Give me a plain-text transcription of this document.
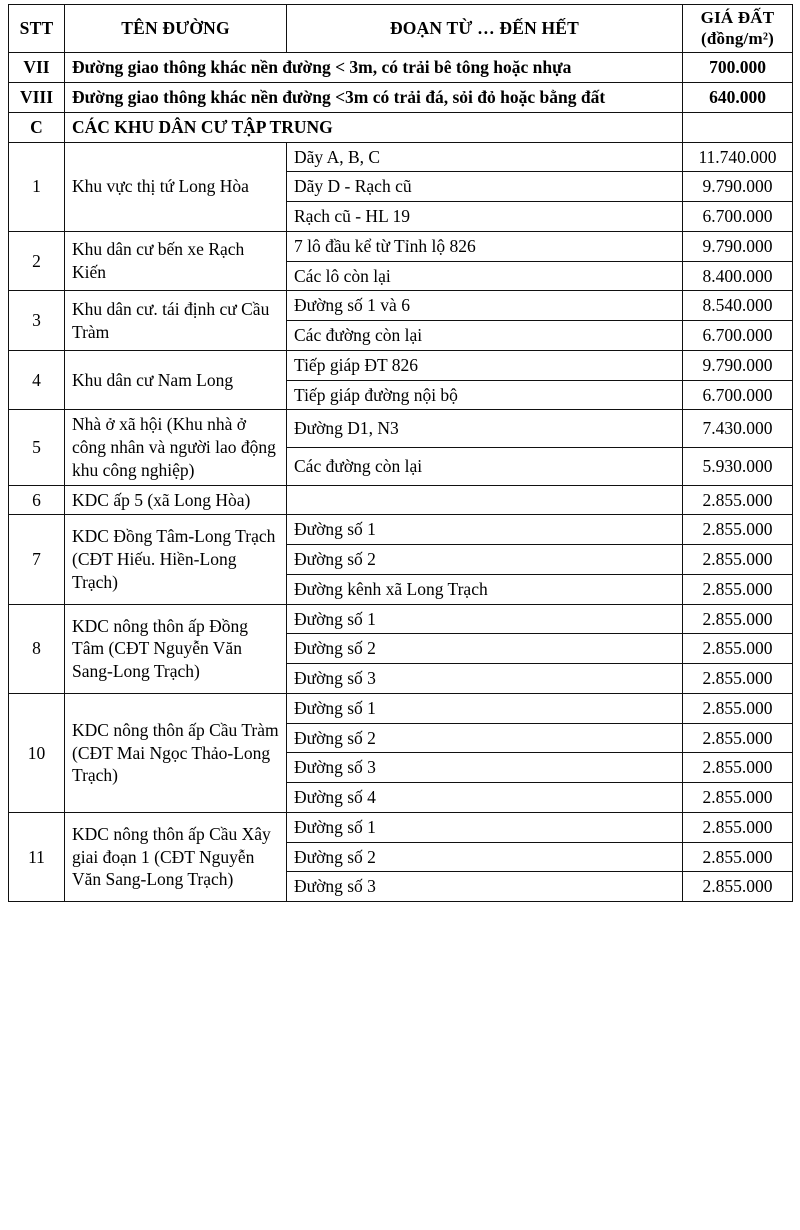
STT	TÊN ĐƯỜNG	ĐOẠN TỪ … ĐẾN HẾT	GIÁ ĐẤT
(đồng/m²)

VII	Đường giao thông khác nền đường < 3m, có trải bê tông hoặc nhựa		700.000
VIII	Đường giao thông khác nền đường <3m có trải đá, sỏi đỏ hoặc bằng đất		640.000
C	CÁC KHU DÂN CƯ TẬP TRUNG		
1	Khu vực thị tứ Long Hòa	Dãy A, B, C	11.740.000
		Dãy D - Rạch cũ	9.790.000
		Rạch cũ - HL 19	6.700.000
2	Khu dân cư bến xe Rạch Kiến	7 lô đầu kể từ Tỉnh lộ 826	9.790.000
		Các lô còn lại	8.400.000
3	Khu dân cư. tái định cư Cầu Tràm	Đường số 1 và 6	8.540.000
		Các đường còn lại	6.700.000
4	Khu dân cư Nam Long	Tiếp giáp ĐT 826	9.790.000
		Tiếp giáp đường nội bộ	6.700.000
5	Nhà ở xã hội (Khu nhà ở công nhân và người lao động khu công nghiệp)	Đường D1, N3	7.430.000
		Các đường còn lại	5.930.000
6	KDC ấp 5 (xã Long Hòa)		2.855.000
7	KDC Đồng Tâm-Long Trạch (CĐT Hiếu. Hiền-Long Trạch)	Đường số 1	2.855.000
		Đường số 2	2.855.000
		Đường kênh xã Long Trạch	2.855.000
8	KDC nông thôn ấp Đồng Tâm (CĐT Nguyễn Văn Sang-Long Trạch)	Đường số 1	2.855.000
		Đường số 2	2.855.000
		Đường số 3	2.855.000
10	KDC nông thôn ấp Cầu Tràm (CĐT Mai Ngọc Thảo-Long Trạch)	Đường số 1	2.855.000
		Đường số 2	2.855.000
		Đường số 3	2.855.000
		Đường số 4	2.855.000
11	KDC nông thôn ấp Cầu Xây giai đoạn 1 (CĐT Nguyễn Văn Sang-Long Trạch)	Đường số 1	2.855.000
		Đường số 2	2.855.000
		Đường số 3	2.855.000
